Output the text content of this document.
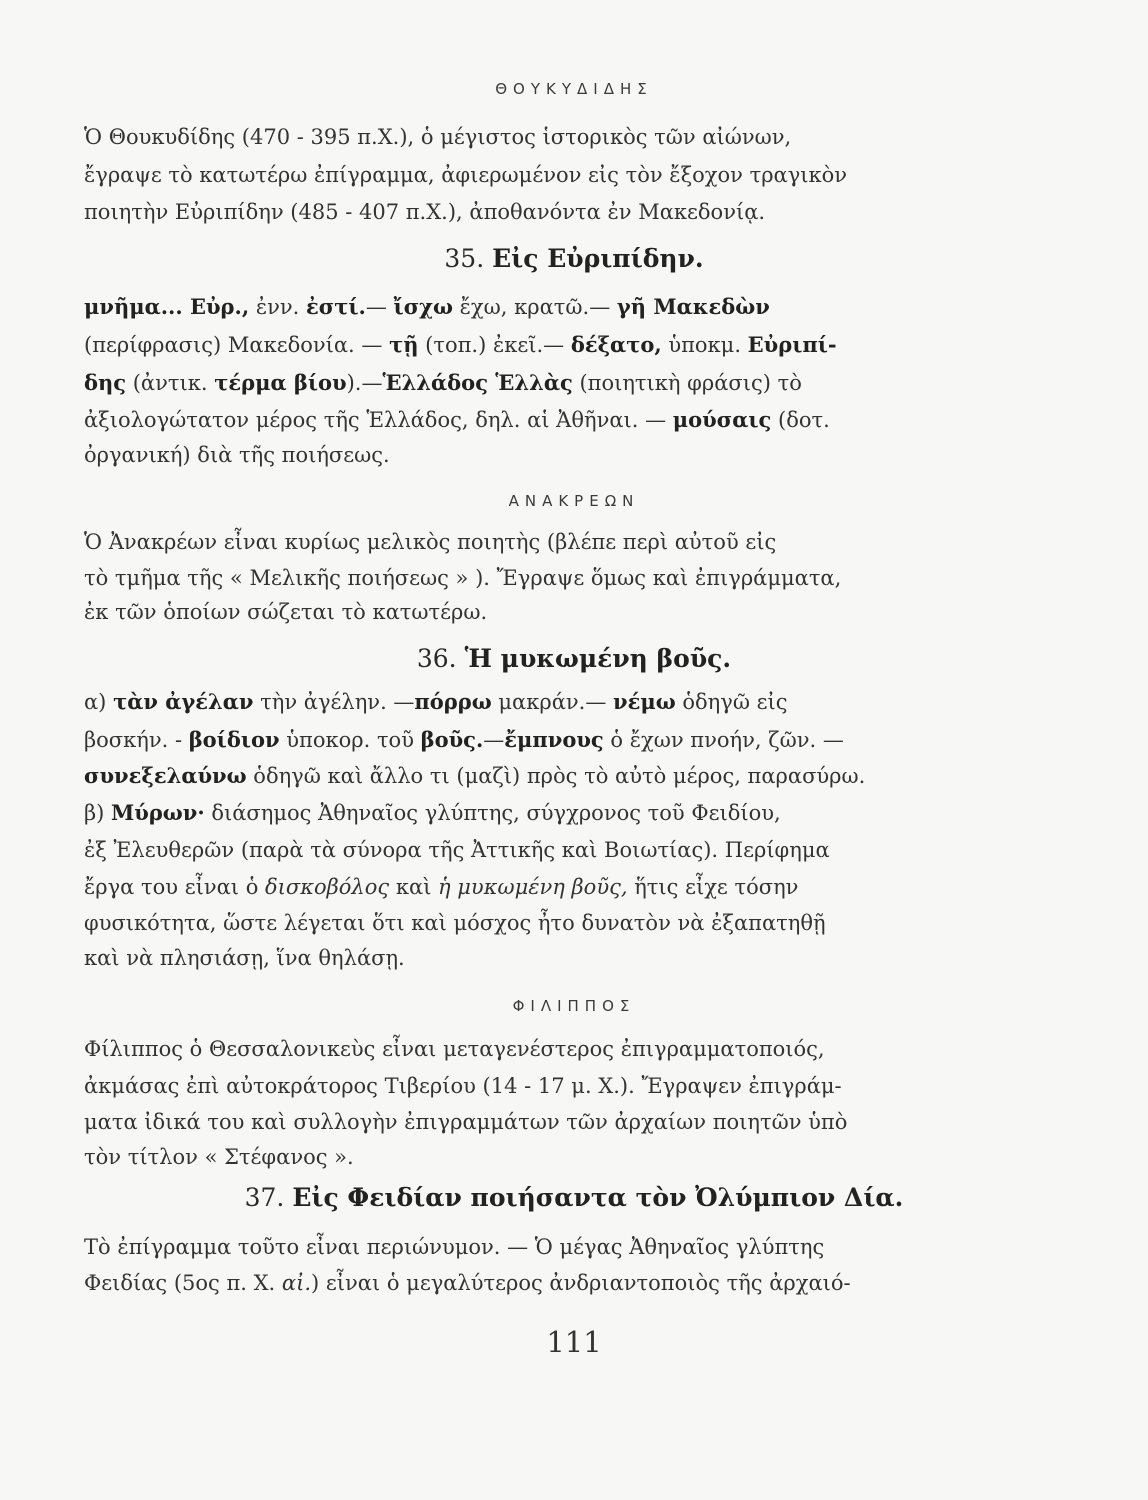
ΘΟΥΚΥΔΙΔΗΣ
Ὁ Θουκυδίδης (470 - 395 π.Χ.), ὁ μέγιστος ἱστορικὸς τῶν αἰώνων,
ἔγραψε τὸ κατωτέρω ἐπίγραμμα, ἀφιερωμένον εἰς τὸν ἔξοχον τραγικὸν
ποιητὴν Εὐριπίδην (485 - 407 π.Χ.), ἀποθανόντα ἐν Μακεδονίᾳ.
35. Εἰς Εὐριπίδην.
μνῆμα... Εὐρ., ἐνν. ἐστί.— ἴσχω ἔχω, κρατῶ.— γῆ Μακεδὼν
(περίφρασις) Μακεδονία. — τῇ (τοπ.) ἐκεῖ.— δέξατο, ὑποκμ. Εὐριπί-
δης (ἀντικ. τέρμα βίου).—Ἑλλάδος Ἑλλὰς (ποιητικὴ φράσις) τὸ
ἀξιολογώτατον μέρος τῆς Ἑλλάδος, δηλ. αἱ Ἀθῆναι. — μούσαις (δοτ.
ὀργανική) διὰ τῆς ποιήσεως.
ΑΝΑΚΡΕΩΝ
Ὁ Ἀνακρέων εἶναι κυρίως μελικὸς ποιητὴς (βλέπε περὶ αὐτοῦ εἰς
τὸ τμῆμα τῆς « Μελικῆς ποιήσεως » ). Ἔγραψε ὅμως καὶ ἐπιγράμματα,
ἐκ τῶν ὁποίων σώζεται τὸ κατωτέρω.
36. Ἡ μυκωμένη βοῦς.
α) τὰν ἀγέλαν τὴν ἀγέλην. —πόρρω μακράν.— νέμω ὁδηγῶ εἰς
βοσκήν. - βοίδιον ὑποκορ. τοῦ βοῦς.—ἔμπνους ὁ ἔχων πνοήν, ζῶν. —
συνεξελαύνω ὁδηγῶ καὶ ἄλλο τι (μαζὶ) πρὸς τὸ αὐτὸ μέρος, παρασύρω.
β) Μύρων· διάσημος Ἀθηναῖος γλύπτης, σύγχρονος τοῦ Φειδίου,
ἐξ Ἐλευθερῶν (παρὰ τὰ σύνορα τῆς Ἀττικῆς καὶ Βοιωτίας). Περίφημα
ἔργα του εἶναι ὁ δισκοβόλος καὶ ἡ μυκωμένη βοῦς, ἥτις εἶχε τόσην
φυσικότητα, ὥστε λέγεται ὅτι καὶ μόσχος ἦτο δυνατὸν νὰ ἐξαπατηθῇ
καὶ νὰ πλησιάσῃ, ἵνα θηλάσῃ.
ΦΙΛΙΠΠΟΣ
Φίλιππος ὁ Θεσσαλονικεὺς εἶναι μεταγενέστερος ἐπιγραμματοποιός,
ἀκμάσας ἐπὶ αὐτοκράτορος Τιβερίου (14 - 17 μ. Χ.). Ἔγραψεν ἐπιγράμ-
ματα ἰδικά του καὶ συλλογὴν ἐπιγραμμάτων τῶν ἀρχαίων ποιητῶν ὑπὸ
τὸν τίτλον « Στέφανος ».
37. Εἰς Φειδίαν ποιήσαντα τὸν Ὀλύμπιον Δία.
Τὸ ἐπίγραμμα τοῦτο εἶναι περιώνυμον. — Ὁ μέγας Ἀθηναῖος γλύπτης
Φειδίας (5ος π. Χ. αἰ.) εἶναι ὁ μεγαλύτερος ἀνδριαντοποιὸς τῆς ἀρχαιό-
111
